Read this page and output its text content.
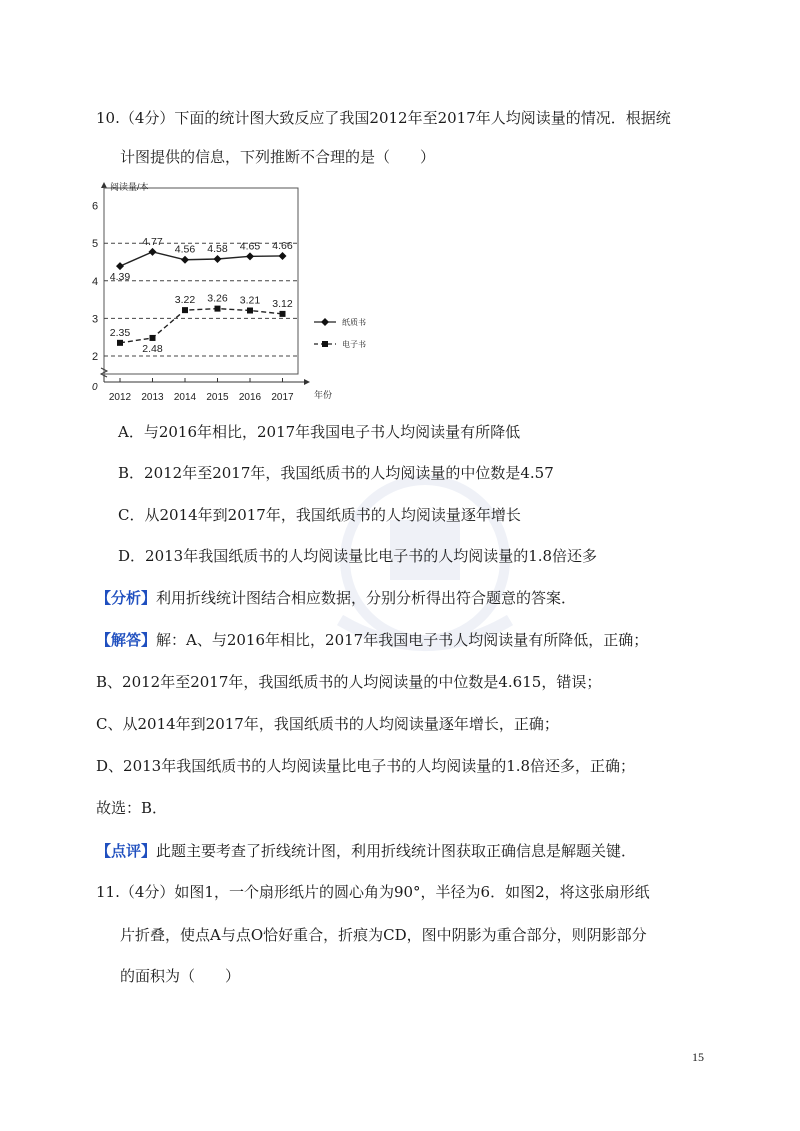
10.（4分）下面的统计图大致反应了我国2012年至2017年人均阅读量的情况．根据统
计图提供的信息，下列推断不合理的是（　　）
阅读量/本
年份
0
2
3
4
5
6
2012 2013 2014 2015 2016 2017
4.39
4.77
4.56 4.58 4.65 4.66
2.35
2.48
3.22 3.26 3.21 3.12
纸质书
电子书
A．与2016年相比，2017年我国电子书人均阅读量有所降低
B．2012年至2017年，我国纸质书的人均阅读量的中位数是4.57
C．从2014年到2017年，我国纸质书的人均阅读量逐年增长
D．2013年我国纸质书的人均阅读量比电子书的人均阅读量的1.8倍还多
【分析】利用折线统计图结合相应数据，分别分析得出符合题意的答案．
【解答】解：A、与2016年相比，2017年我国电子书人均阅读量有所降低，正确；
B、2012年至2017年，我国纸质书的人均阅读量的中位数是4.615，错误；
C、从2014年到2017年，我国纸质书的人均阅读量逐年增长，正确；
D、2013年我国纸质书的人均阅读量比电子书的人均阅读量的1.8倍还多，正确；
故选：B．
【点评】此题主要考查了折线统计图，利用折线统计图获取正确信息是解题关键．
11.（4分）如图1，一个扇形纸片的圆心角为90°，半径为6．如图2，将这张扇形纸
片折叠，使点A与点O恰好重合，折痕为CD，图中阴影为重合部分，则阴影部分
的面积为（　　）
15
